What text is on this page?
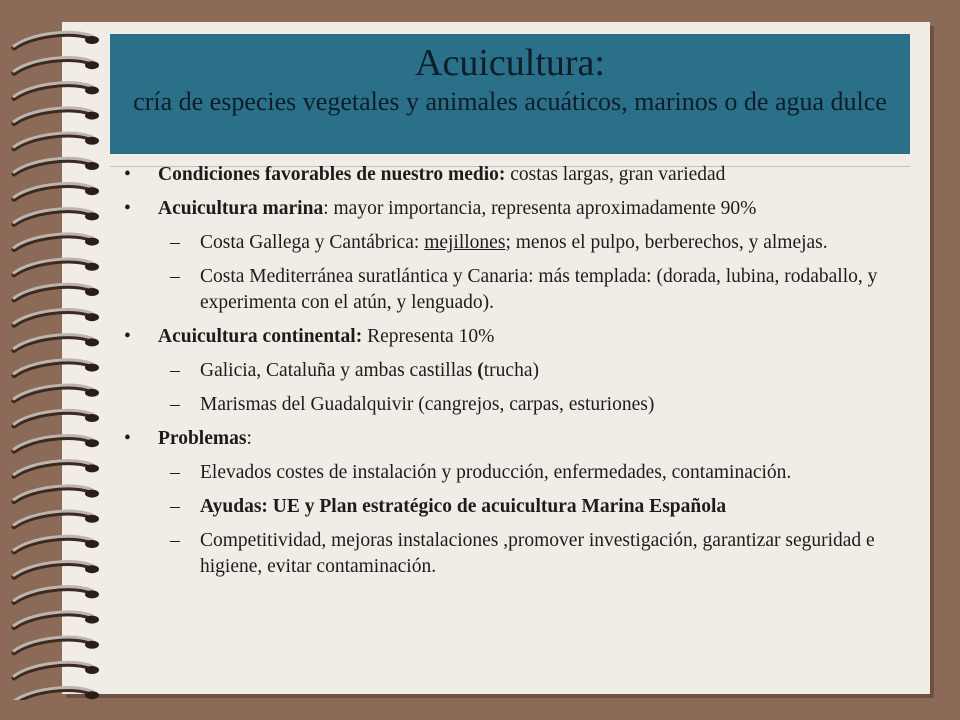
Acuicultura:
cría de especies vegetales y animales acuáticos, marinos o de agua dulce
• Condiciones favorables de nuestro medio: costas largas, gran variedad
• Acuicultura marina: mayor importancia, representa aproximadamente 90%
– Costa Gallega y Cantábrica: mejillones; menos el pulpo, berberechos, y almejas.
– Costa Mediterránea suratlántica y Canaria: más templada: (dorada, lubina, rodaballo, y experimenta con el atún, y lenguado).
• Acuicultura continental: Representa 10%
– Galicia, Cataluña y ambas castillas (trucha)
– Marismas del Guadalquivir (cangrejos, carpas, esturiones)
• Problemas:
– Elevados costes de instalación y producción, enfermedades, contaminación.
– Ayudas: UE y Plan estratégico de acuicultura Marina Española
– Competitividad, mejoras instalaciones ,promover investigación, garantizar seguridad e higiene, evitar contaminación.
